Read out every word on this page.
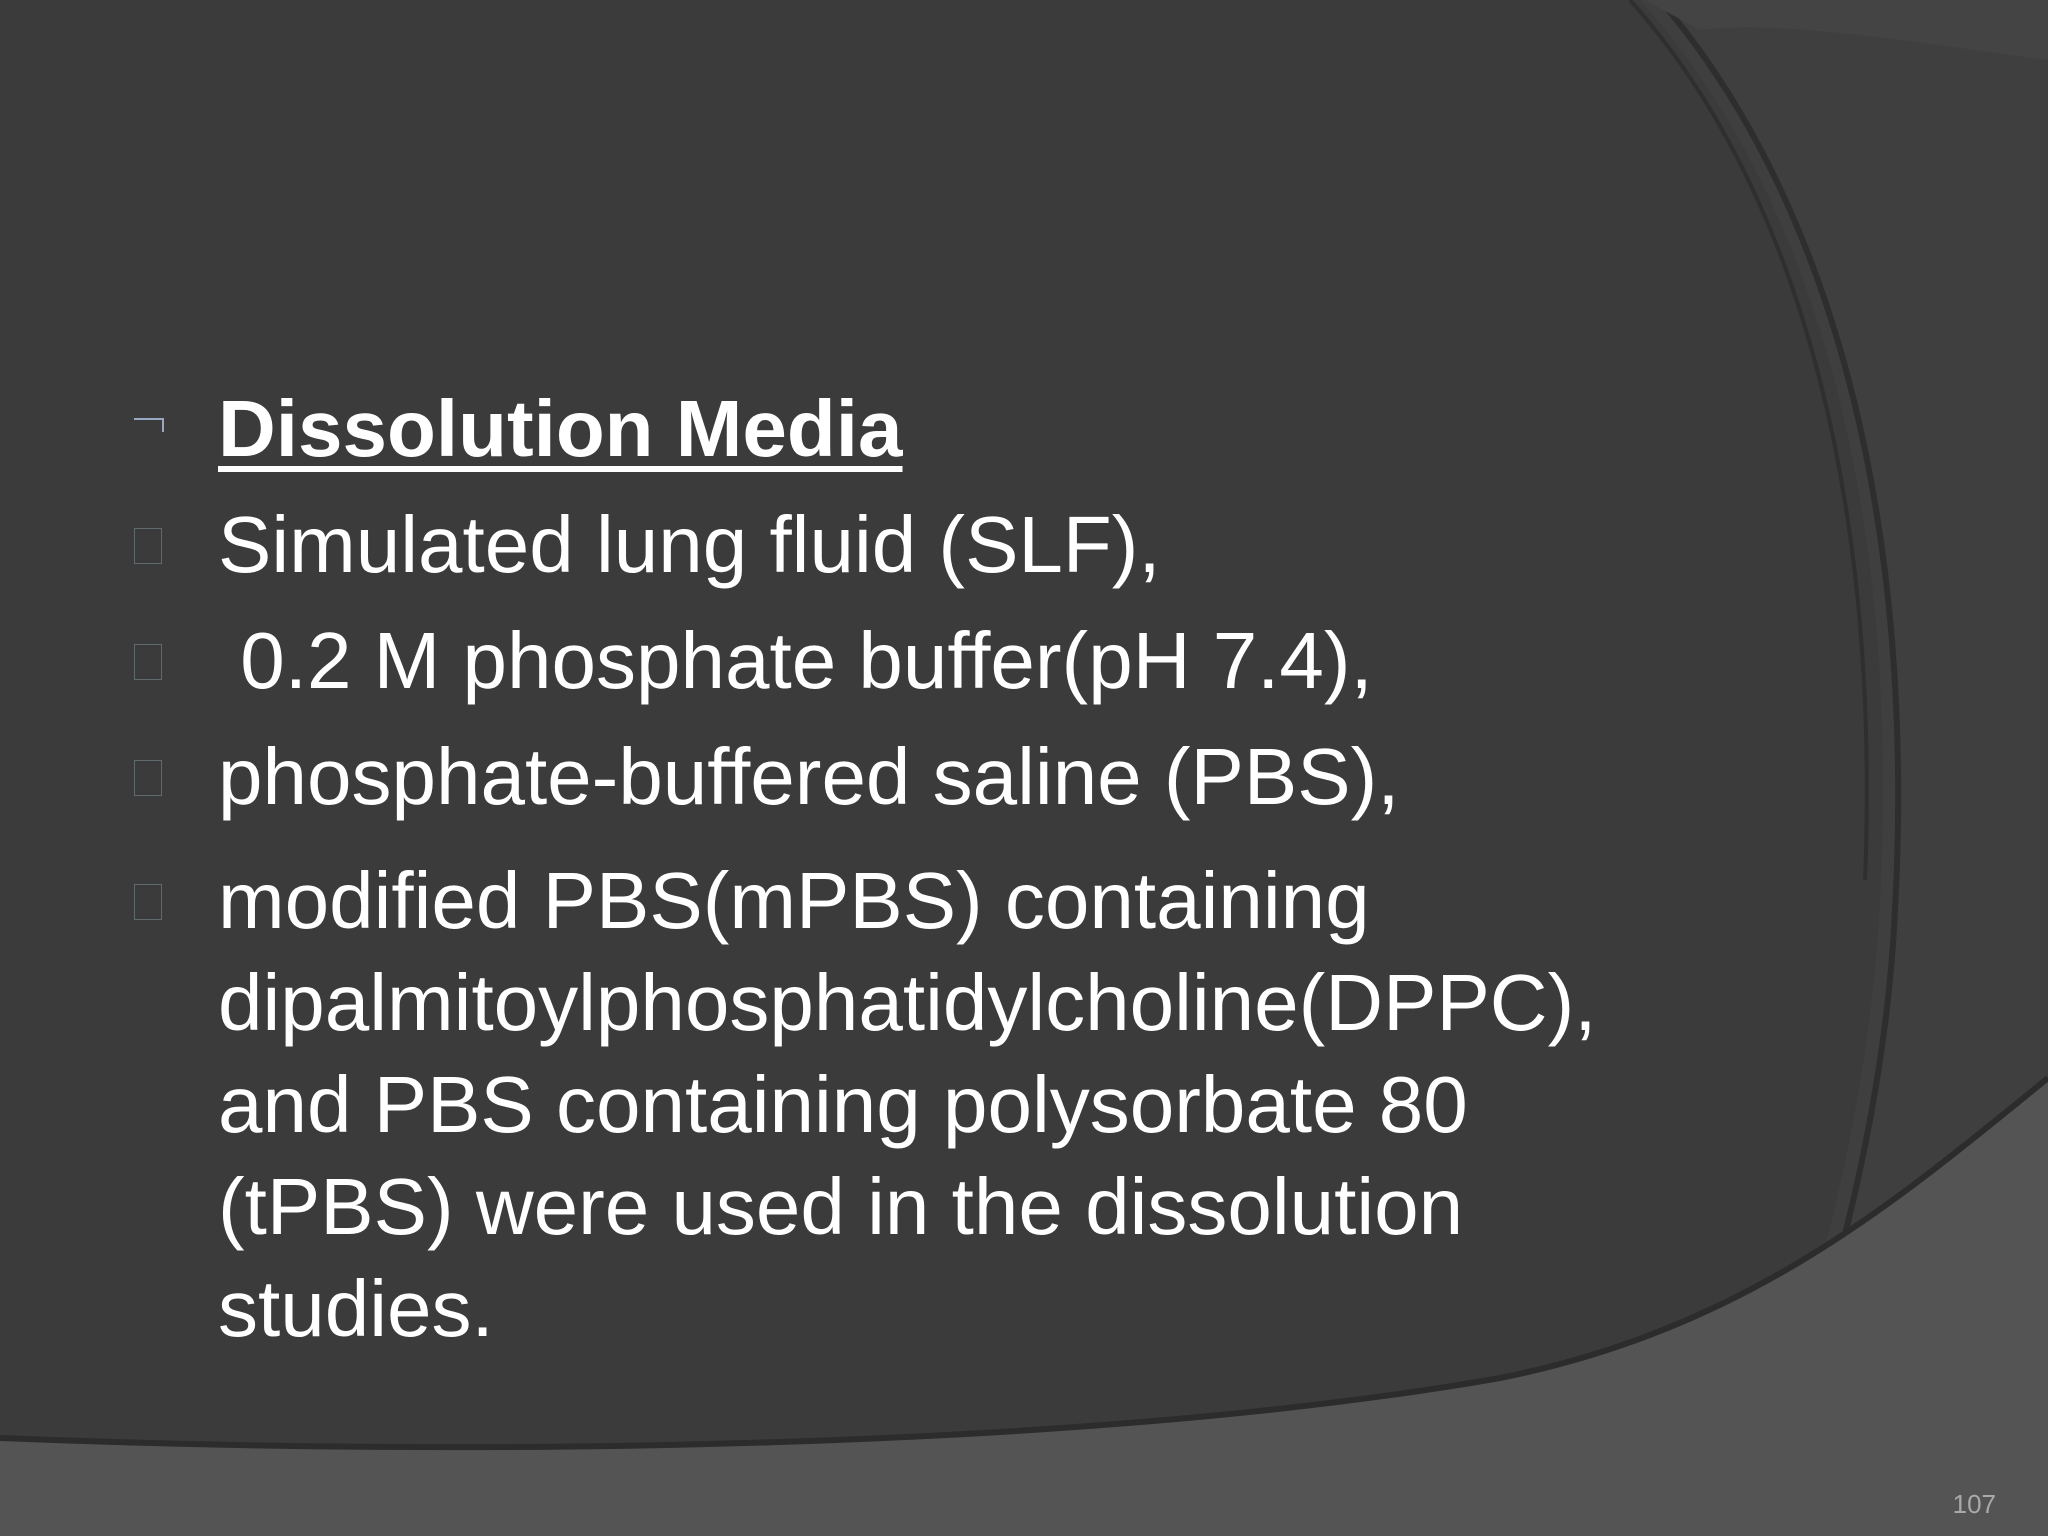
Dissolution Media
Simulated lung fluid (SLF),
0.2 M phosphate buffer(pH 7.4),
phosphate-buffered saline (PBS),
modified PBS(mPBS) containing dipalmitoylphosphatidylcholine(DPPC), and PBS containing polysorbate 80 (tPBS) were used in the dissolution studies.
107
